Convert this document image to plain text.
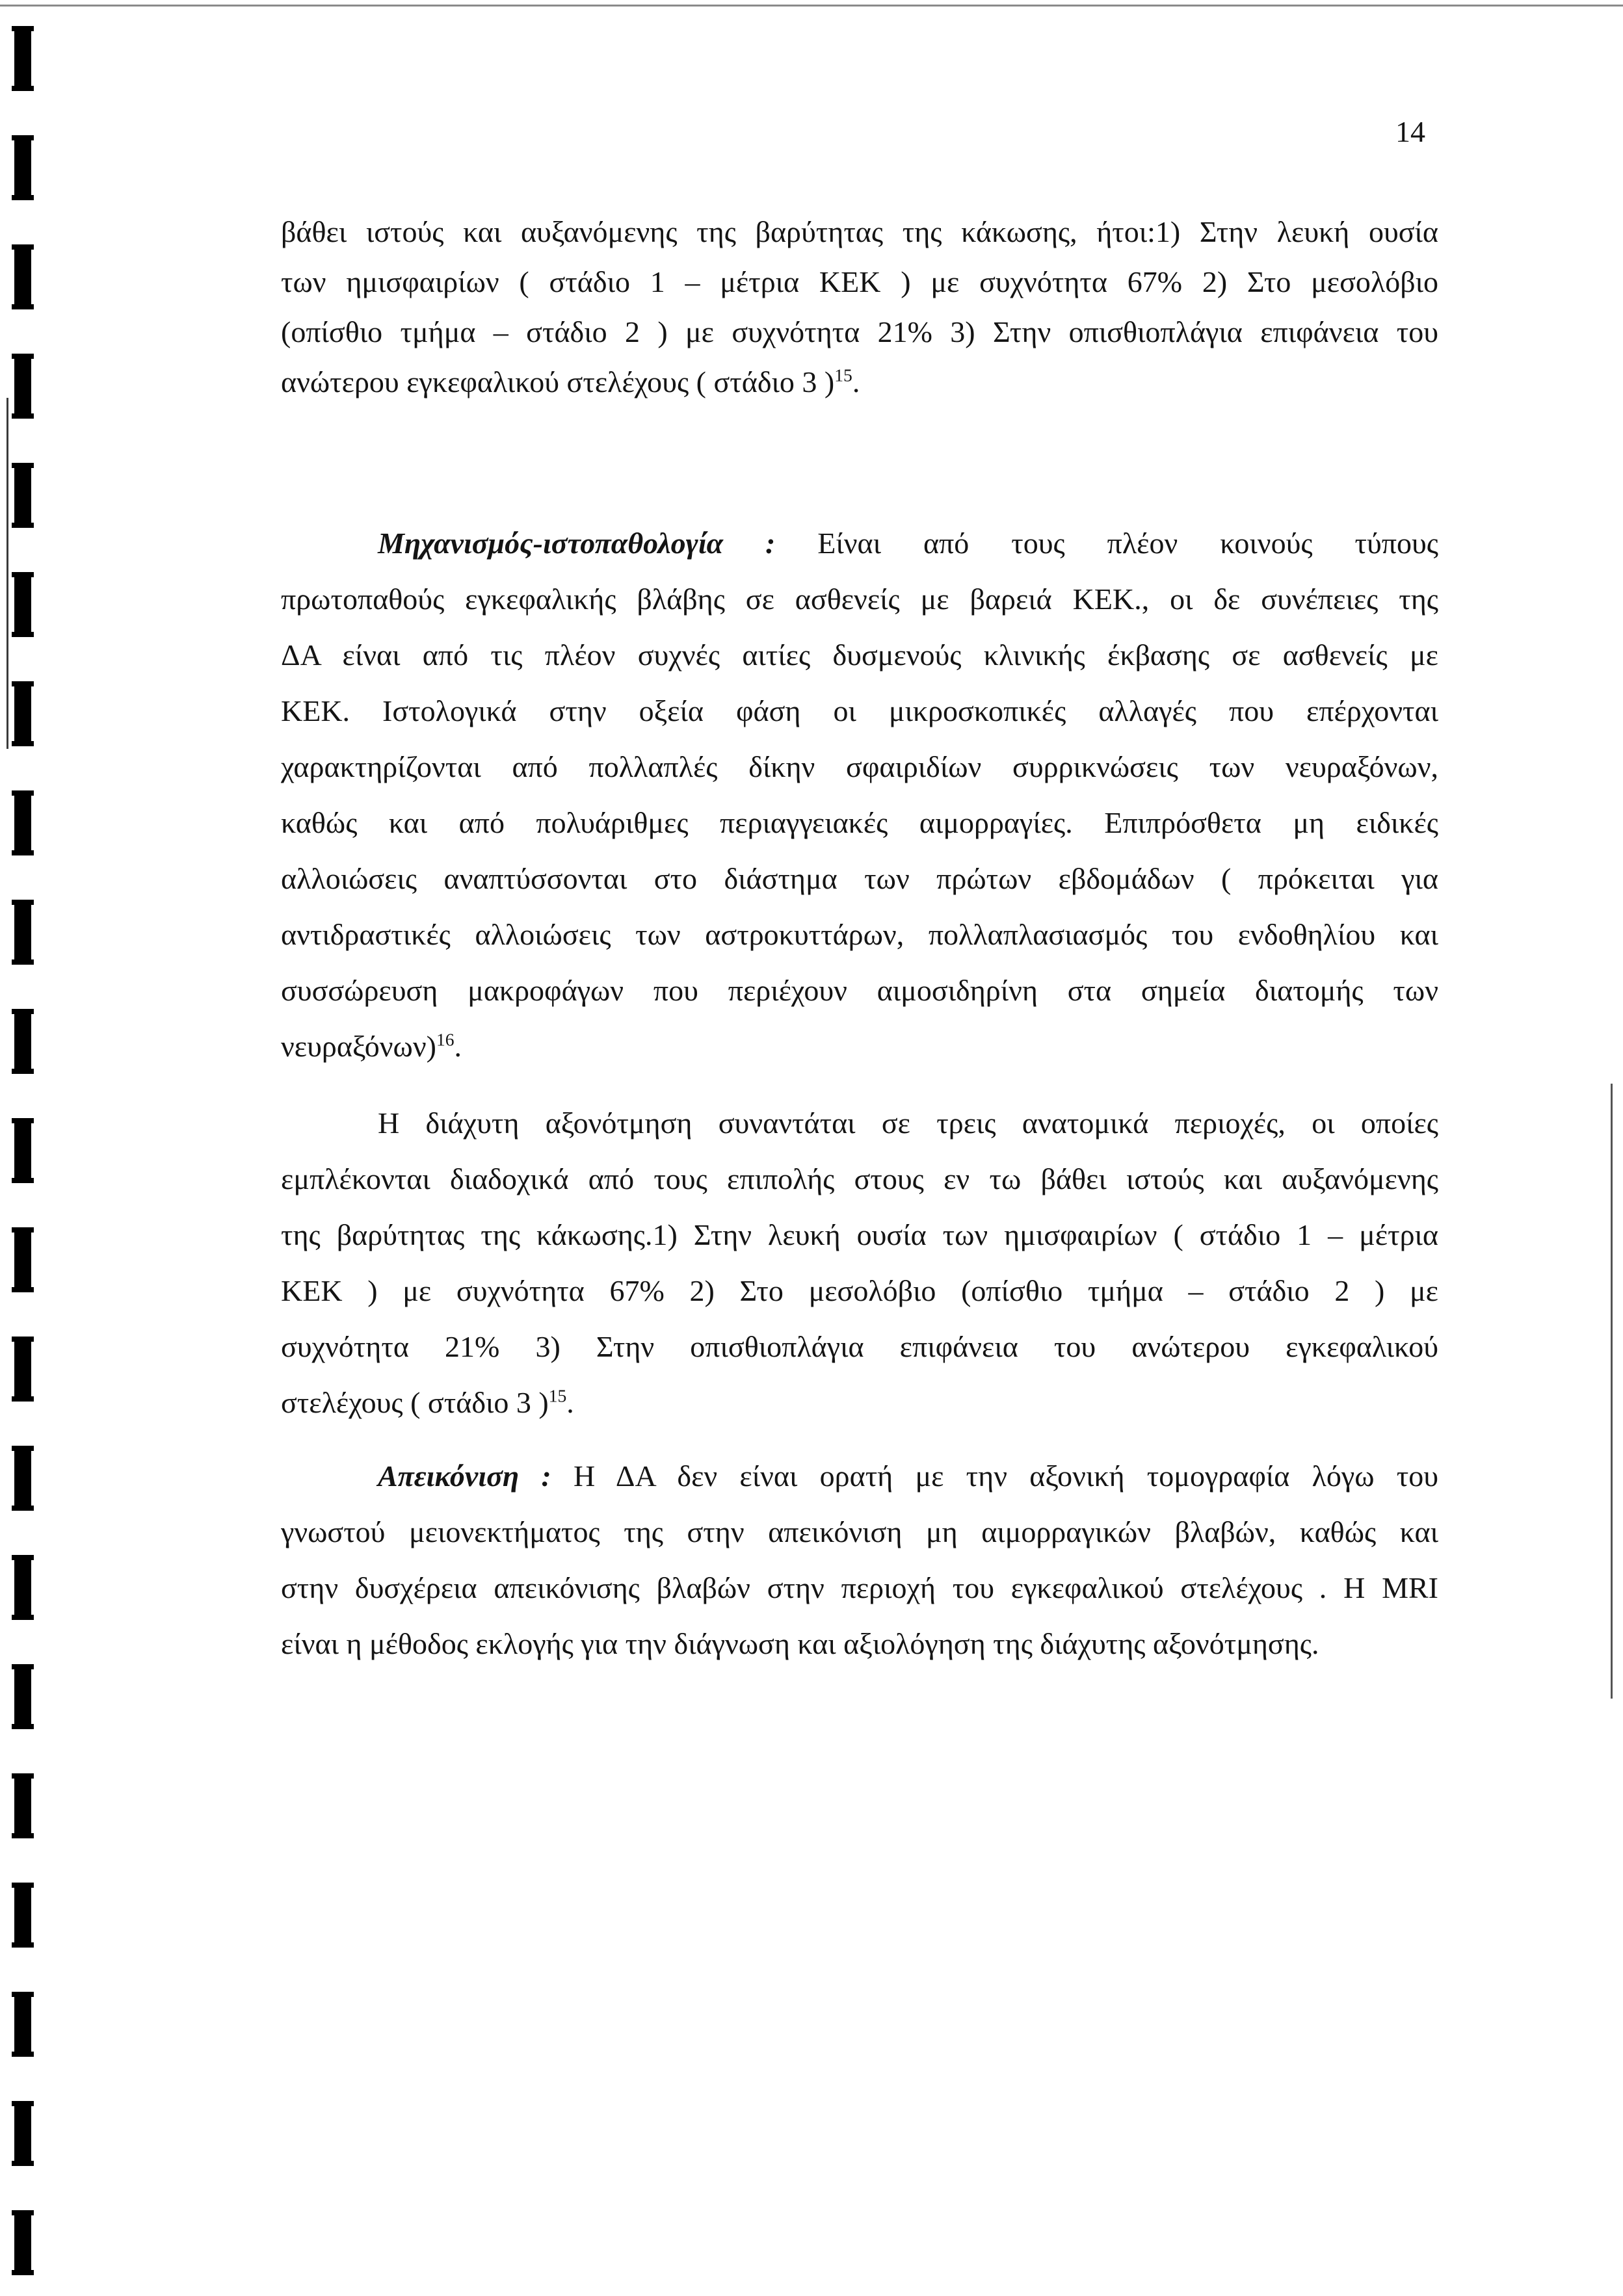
14
βάθει ιστούς και αυξανόμενης της βαρύτητας της κάκωσης, ήτοι:1) Στην λευκή ουσία
των ημισφαιρίων ( στάδιο 1 – μέτρια ΚΕΚ ) με συχνότητα 67% 2) Στο μεσολόβιο
(οπίσθιο τμήμα – στάδιο 2 ) με συχνότητα 21% 3) Στην οπισθιοπλάγια επιφάνεια του
ανώτερου εγκεφαλικού στελέχους ( στάδιο 3 )$^{15}$.
Μηχανισμός-ιστοπαθολογία : Είναι από τους πλέον κοινούς τύπους
πρωτοπαθούς εγκεφαλικής βλάβης σε ασθενείς με βαρειά ΚΕΚ., οι δε συνέπειες της
ΔΑ είναι από τις πλέον συχνές αιτίες δυσμενούς κλινικής έκβασης σε ασθενείς με
ΚΕΚ. Ιστολογικά στην οξεία φάση οι μικροσκοπικές αλλαγές που επέρχονται
χαρακτηρίζονται από πολλαπλές δίκην σφαιριδίων συρρικνώσεις των νευραξόνων,
καθώς και από πολυάριθμες περιαγγειακές αιμορραγίες. Επιπρόσθετα μη ειδικές
αλλοιώσεις αναπτύσσονται στο διάστημα των πρώτων εβδομάδων ( πρόκειται για
αντιδραστικές αλλοιώσεις των αστροκυττάρων, πολλαπλασιασμός του ενδοθηλίου και
συσσώρευση μακροφάγων που περιέχουν αιμοσιδηρίνη στα σημεία διατομής των
νευραξόνων)$^{16}$.
Η διάχυτη αξονότμηση συναντάται σε τρεις ανατομικά περιοχές, οι οποίες
εμπλέκονται διαδοχικά από τους επιπολής στους εν τω βάθει ιστούς και αυξανόμενης
της βαρύτητας της κάκωσης.1) Στην λευκή ουσία των ημισφαιρίων ( στάδιο 1 – μέτρια
ΚΕΚ ) με συχνότητα 67% 2) Στο μεσολόβιο (οπίσθιο τμήμα – στάδιο 2 ) με
συχνότητα 21% 3) Στην οπισθιοπλάγια επιφάνεια του ανώτερου εγκεφαλικού
στελέχους ( στάδιο 3 )$^{15}$.
Απεικόνιση : Η ΔΑ δεν είναι ορατή με την αξονική τομογραφία λόγω του
γνωστού μειονεκτήματος της στην απεικόνιση μη αιμορραγικών βλαβών, καθώς και
στην δυσχέρεια απεικόνισης βλαβών στην περιοχή του εγκεφαλικού στελέχους . Η MRI
είναι η μέθοδος εκλογής για την διάγνωση και αξιολόγηση της διάχυτης αξονότμησης.
